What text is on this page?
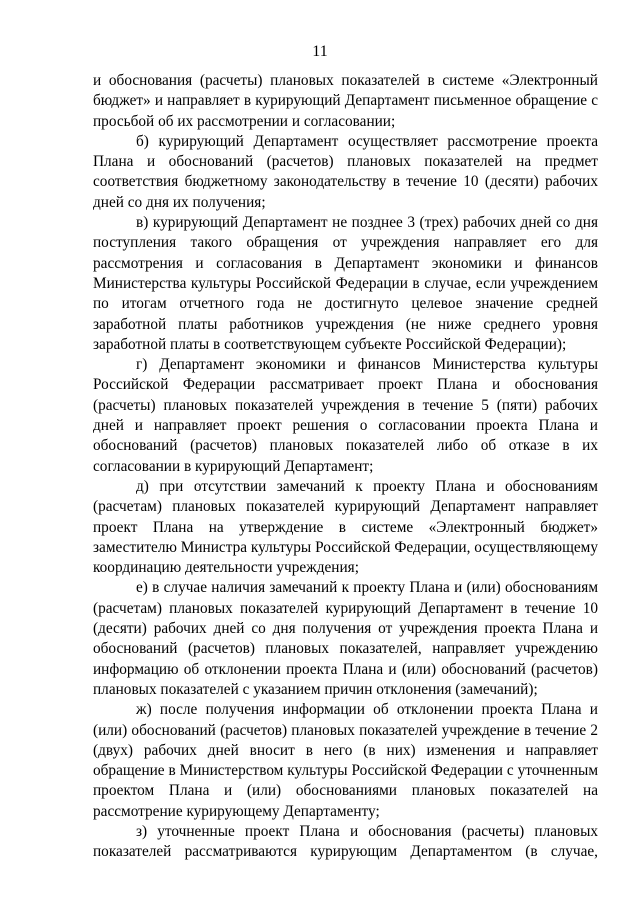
11

и обоснования (расчеты) плановых показателей в системе «Электронный бюджет» и направляет в курирующий Департамент письменное обращение с просьбой об их рассмотрении и согласовании;

б) курирующий Департамент осуществляет рассмотрение проекта Плана и обоснований (расчетов) плановых показателей на предмет соответствия бюджетному законодательству в течение 10 (десяти) рабочих дней со дня их получения;

в) курирующий Департамент не позднее 3 (трех) рабочих дней со дня поступления такого обращения от учреждения направляет его для рассмотрения и согласования в Департамент экономики и финансов Министерства культуры Российской Федерации в случае, если учреждением по итогам отчетного года не достигнуто целевое значение средней заработной платы работников учреждения (не ниже среднего уровня заработной платы в соответствующем субъекте Российской Федерации);

г) Департамент экономики и финансов Министерства культуры Российской Федерации рассматривает проект Плана и обоснования (расчеты) плановых показателей учреждения в течение 5 (пяти) рабочих дней и направляет проект решения о согласовании проекта Плана и обоснований (расчетов) плановых показателей либо об отказе в их согласовании в курирующий Департамент;

д) при отсутствии замечаний к проекту Плана и обоснованиям (расчетам) плановых показателей курирующий Департамент направляет проект Плана на утверждение в системе «Электронный бюджет» заместителю Министра культуры Российской Федерации, осуществляющему координацию деятельности учреждения;

е) в случае наличия замечаний к проекту Плана и (или) обоснованиям (расчетам) плановых показателей курирующий Департамент в течение 10 (десяти) рабочих дней со дня получения от учреждения проекта Плана и обоснований (расчетов) плановых показателей, направляет учреждению информацию об отклонении проекта Плана и (или) обоснований (расчетов) плановых показателей с указанием причин отклонения (замечаний);

ж) после получения информации об отклонении проекта Плана и (или) обоснований (расчетов) плановых показателей учреждение в течение 2 (двух) рабочих дней вносит в него (в них) изменения и направляет обращение в Министерством культуры Российской Федерации с уточненным проектом Плана и (или) обоснованиями плановых показателей на рассмотрение курирующему Департаменту;

з) уточненные проект Плана и обоснования (расчеты) плановых показателей рассматриваются курирующим Департаментом (в случае,
